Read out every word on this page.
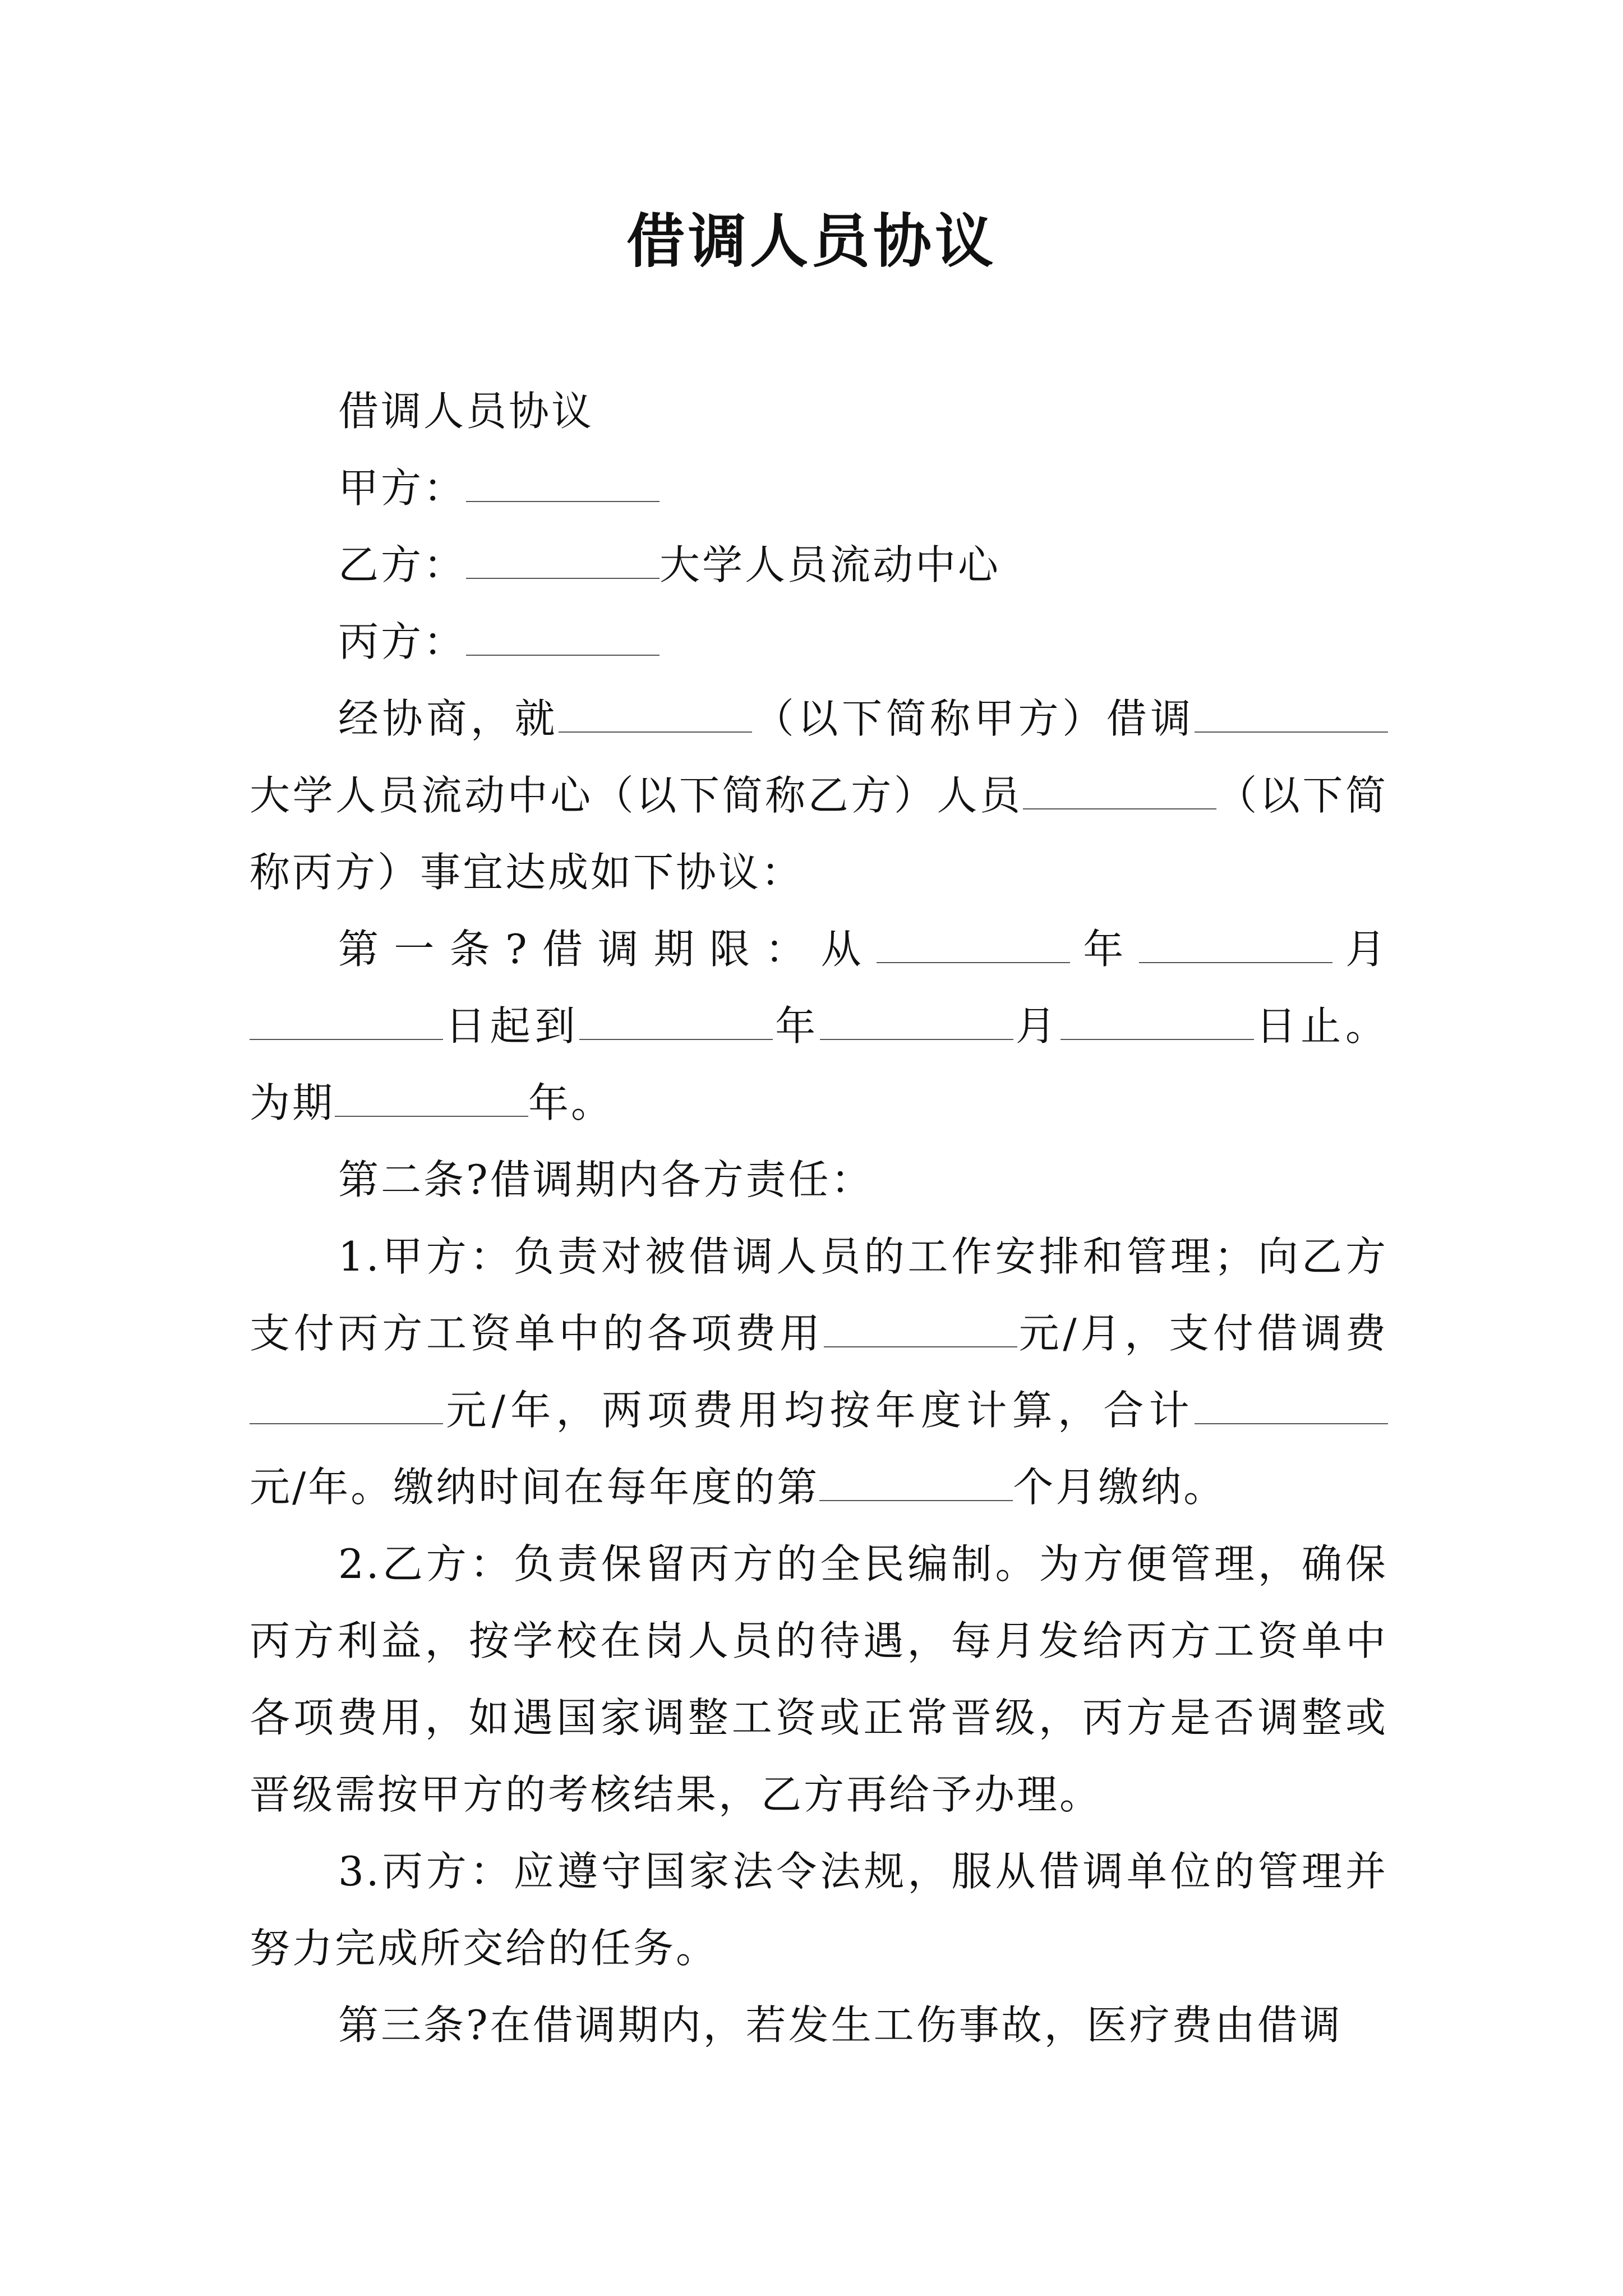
借调人员协议

借调人员协议

甲方：

乙方：	大学人员流动中心

丙方：

经协商，就	（以下简称甲方）借调大学人员流动中心（以下简称乙方）人员	（以下简称丙方）事宜达成如下协议：

第一条?借调期限：从	年	月日起到	年	月	日止。为期	年。

第二条?借调期内各方责任：

1.甲方：负责对被借调人员的工作安排和管理；向乙方支付丙方工资单中的各项费用	元/月，支付借调费元/年，两项费用均按年度计算，合计元/年。缴纳时间在每年度的第	个月缴纳。

2.乙方：负责保留丙方的全民编制。为方便管理，确保丙方利益，按学校在岗人员的待遇，每月发给丙方工资单中各项费用，如遇国家调整工资或正常晋级，丙方是否调整或晋级需按甲方的考核结果，乙方再给予办理。

3.丙方：应遵守国家法令法规，服从借调单位的管理并努力完成所交给的任务。

第三条?在借调期内，若发生工伤事故，医疗费由借调
